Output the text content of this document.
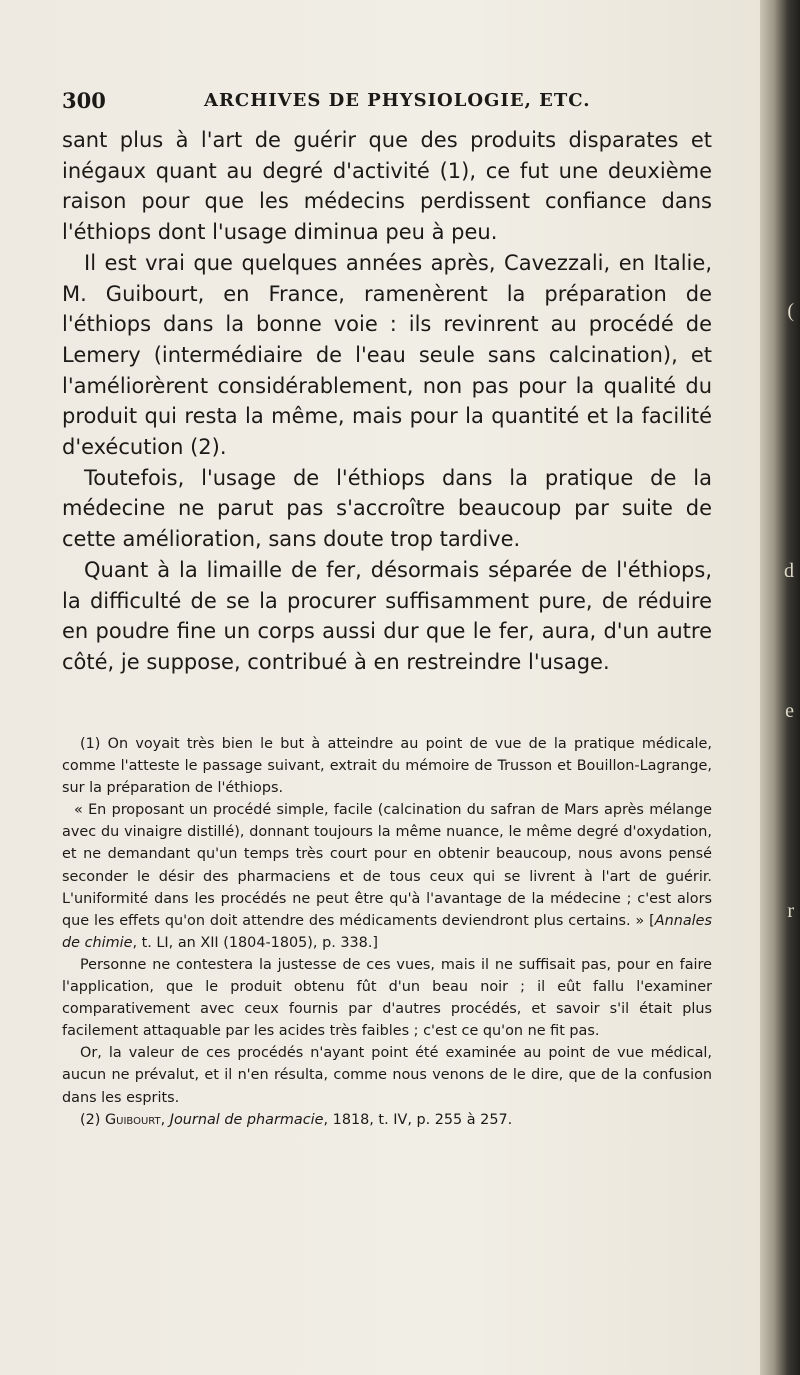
300	ARCHIVES DE PHYSIOLOGIE, ETC.

sant plus à l'art de guérir que des produits disparates et inégaux quant au degré d'activité (1), ce fut une deuxième raison pour que les médecins perdissent confiance dans l'éthiops dont l'usage diminua peu à peu.

Il est vrai que quelques années après, Cavezzali, en Italie, M. Guibourt, en France, ramenèrent la préparation de l'éthiops dans la bonne voie : ils revinrent au procédé de Lemery (intermédiaire de l'eau seule sans calcination), et l'améliorèrent considérablement, non pas pour la qualité du produit qui resta la même, mais pour la quantité et la facilité d'exécution (2).

Toutefois, l'usage de l'éthiops dans la pratique de la médecine ne parut pas s'accroître beaucoup par suite de cette amélioration, sans doute trop tardive.

Quant à la limaille de fer, désormais séparée de l'éthiops, la difficulté de se la procurer suffisamment pure, de réduire en poudre fine un corps aussi dur que le fer, aura, d'un autre côté, je suppose, contribué à en restreindre l'usage.

(1) On voyait très bien le but à atteindre au point de vue de la pratique médicale, comme l'atteste le passage suivant, extrait du mémoire de Trusson et Bouillon-Lagrange, sur la préparation de l'éthiops.

« En proposant un procédé simple, facile (calcination du safran de Mars après mélange avec du vinaigre distillé), donnant toujours la même nuance, le même degré d'oxydation, et ne demandant qu'un temps très court pour en obtenir beaucoup, nous avons pensé seconder le désir des pharmaciens et de tous ceux qui se livrent à l'art de guérir. L'uniformité dans les procédés ne peut être qu'à l'avantage de la médecine ; c'est alors que les effets qu'on doit attendre des médicaments deviendront plus certains. » [Annales de chimie, t. LI, an XII (1804-1805), p. 338.]

Personne ne contestera la justesse de ces vues, mais il ne suffisait pas, pour en faire l'application, que le produit obtenu fût d'un beau noir ; il eût fallu l'examiner comparativement avec ceux fournis par d'autres procédés, et savoir s'il était plus facilement attaquable par les acides très faibles ; c'est ce qu'on ne fit pas.

Or, la valeur de ces procédés n'ayant point été examinée au point de vue médical, aucun ne prévalut, et il n'en résulta, comme nous venons de le dire, que de la confusion dans les esprits.

(2) Guibourt, Journal de pharmacie, 1818, t. IV, p. 255 à 257.

(
d
e
r
